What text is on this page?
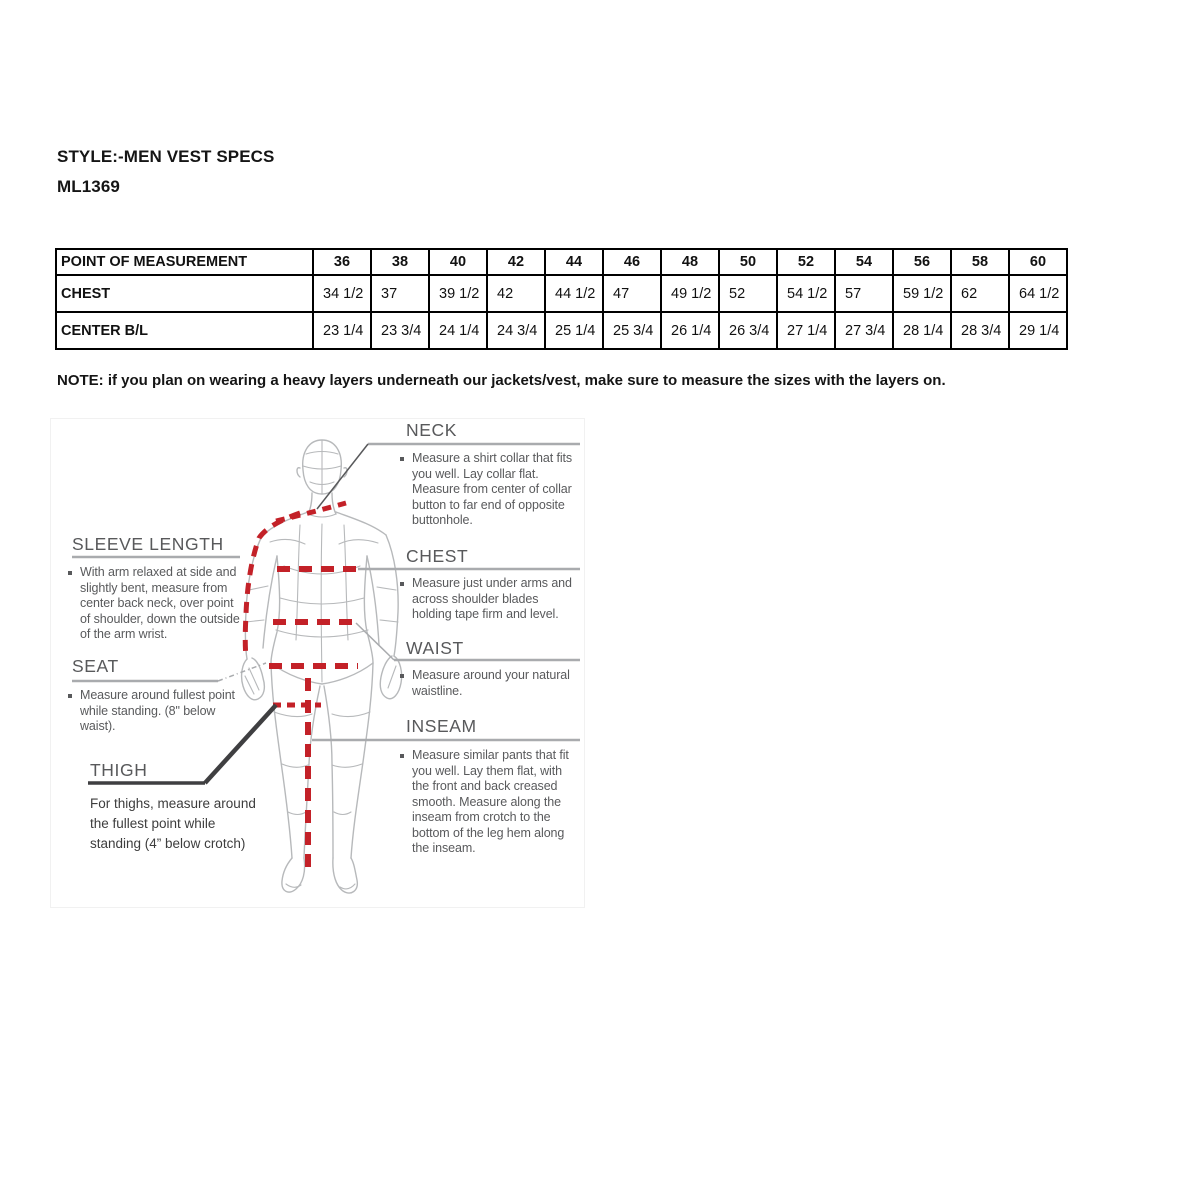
STYLE:-MEN VEST SPECS
ML1369
POINT OF MEASUREMENT	36	38	40	42	44	46	48	50	52	54	56	58	60
CHEST	34 1/2	37	39 1/2	42	44 1/2	47	49 1/2	52	54 1/2	57	59 1/2	62	64 1/2
CENTER B/L	23 1/4	23 3/4	24 1/4	24 3/4	25 1/4	25 3/4	26 1/4	26 3/4	27 1/4	27 3/4	28 1/4	28 3/4	29 1/4
NOTE: if you plan on wearing a heavy layers underneath our jackets/vest, make sure to measure the sizes with the layers on.
NECK
Measure a shirt collar that fits you well. Lay collar flat. Measure from center of collar button to far end of opposite buttonhole.
CHEST
Measure just under arms and across shoulder blades holding tape firm and level.
WAIST
Measure around your natural waistline.
INSEAM
Measure similar pants that fit you well. Lay them flat, with the front and back creased smooth. Measure along the inseam from crotch to the bottom of the leg hem along the inseam.
SLEEVE LENGTH
With arm relaxed at side and slightly bent, measure from center back neck, over point of shoulder, down the outside of the arm wrist.
SEAT
Measure around fullest point while standing. (8" below waist).
THIGH
For thighs, measure around the fullest point while standing (4” below crotch)
